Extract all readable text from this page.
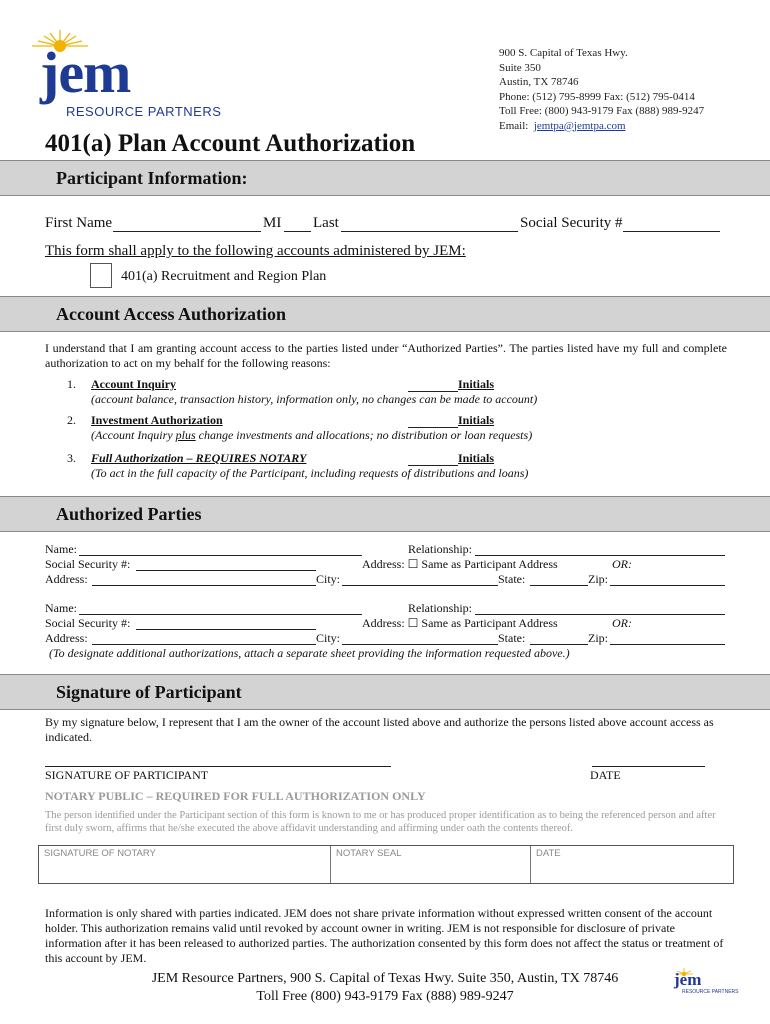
jem
RESOURCE PARTNERS
900 S. Capital of Texas Hwy.
Suite 350
Austin, TX 78746
Phone: (512) 795-8999 Fax: (512) 795-0414
Toll Free: (800) 943-9179 Fax (888) 989-9247
Email: jemtpa@jemtpa.com
401(a) Plan Account Authorization
Participant Information:
First Name	MI Last	Social Security #
This form shall apply to the following accounts administered by JEM:
401(a) Recruitment and Region Plan
Account Access Authorization
I understand that I am granting account access to the parties listed under “Authorized Parties”. The parties listed have my full and complete authorization to act on my behalf for the following reasons:
1. Account Inquiry	Initials
(account balance, transaction history, information only, no changes can be made to account)
2. Investment Authorization	Initials
(Account Inquiry plus change investments and allocations; no distribution or loan requests)
3. Full Authorization – REQUIRES NOTARY	Initials
(To act in the full capacity of the Participant, including requests of distributions and loans)
Authorized Parties
Name:	Relationship:
Social Security #:	Address: ☐ Same as Participant Address	OR:
Address:	City:	State:	Zip:
Name:	Relationship:
Social Security #:	Address: ☐ Same as Participant Address	OR:
Address:	City:	State:	Zip:
(To designate additional authorizations, attach a separate sheet providing the information requested above.)
Signature of Participant
By my signature below, I represent that I am the owner of the account listed above and authorize the persons listed above account access as indicated.
SIGNATURE OF PARTICIPANT	DATE
NOTARY PUBLIC – REQUIRED FOR FULL AUTHORIZATION ONLY
The person identified under the Participant section of this form is known to me or has produced proper identification as to being the referenced person and after first duly sworn, affirms that he/she executed the above affidavit understanding and affirming under oath the contents thereof.
SIGNATURE OF NOTARY	NOTARY SEAL	DATE
Information is only shared with parties indicated. JEM does not share private information without expressed written consent of the account holder. This authorization remains valid until revoked by account owner in writing. JEM is not responsible for disclosure of private information after it has been released to authorized parties. The authorization consented by this form does not affect the status or treatment of this account by JEM.
JEM Resource Partners, 900 S. Capital of Texas Hwy. Suite 350, Austin, TX 78746
Toll Free (800) 943-9179 Fax (888) 989-9247
jem
RESOURCE PARTNERS
